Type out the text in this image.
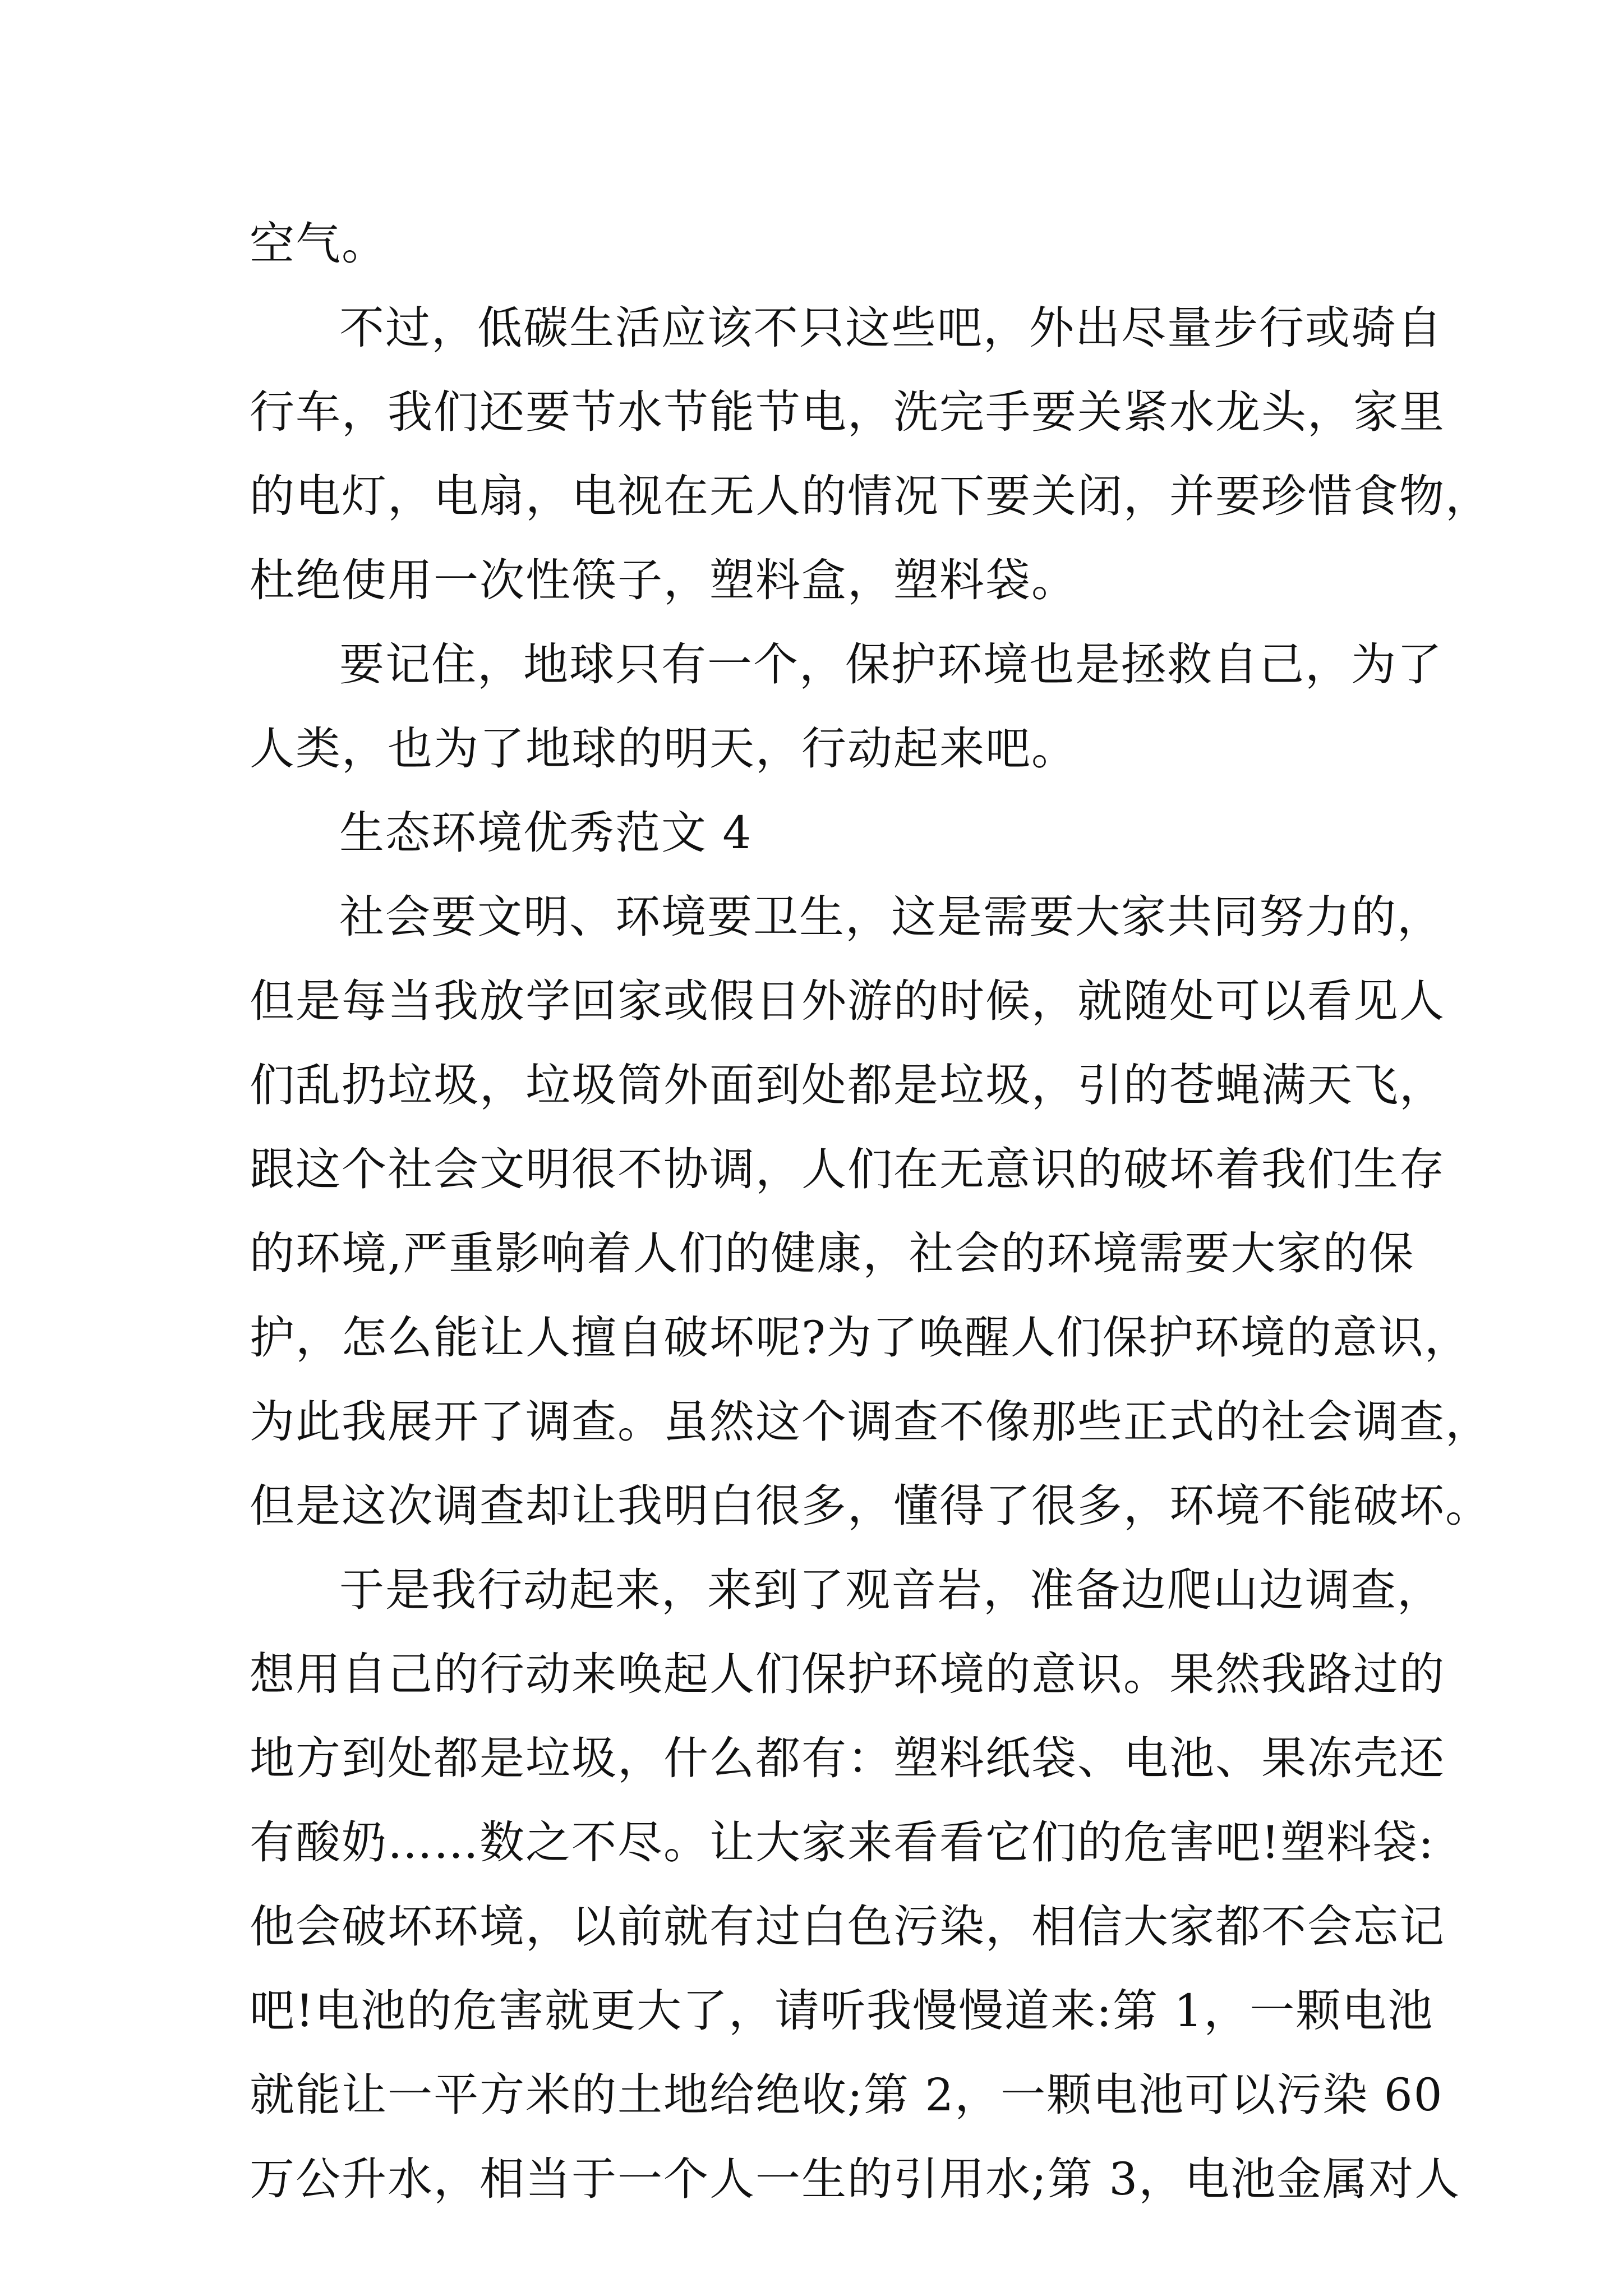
空气。
不过，低碳生活应该不只这些吧，外出尽量步行或骑自
行车，我们还要节水节能节电，洗完手要关紧水龙头，家里
的电灯，电扇，电视在无人的情况下要关闭，并要珍惜食物，
杜绝使用一次性筷子，塑料盒，塑料袋。
要记住，地球只有一个，保护环境也是拯救自己，为了
人类，也为了地球的明天，行动起来吧。
生态环境优秀范文 4
社会要文明、环境要卫生，这是需要大家共同努力的，
但是每当我放学回家或假日外游的时候，就随处可以看见人
们乱扔垃圾，垃圾筒外面到处都是垃圾，引的苍蝇满天飞，
跟这个社会文明很不协调，人们在无意识的破坏着我们生存
的环境,严重影响着人们的健康，社会的环境需要大家的保
护，怎么能让人擅自破坏呢?为了唤醒人们保护环境的意识，
为此我展开了调查。虽然这个调查不像那些正式的社会调查，
但是这次调查却让我明白很多，懂得了很多，环境不能破坏。
于是我行动起来，来到了观音岩，准备边爬山边调查，
想用自己的行动来唤起人们保护环境的意识。果然我路过的
地方到处都是垃圾，什么都有：塑料纸袋、电池、果冻壳还
有酸奶……数之不尽。让大家来看看它们的危害吧!塑料袋:
他会破坏环境，以前就有过白色污染，相信大家都不会忘记
吧!电池的危害就更大了，请听我慢慢道来:第 1，一颗电池
就能让一平方米的土地给绝收;第 2，一颗电池可以污染 60
万公升水，相当于一个人一生的引用水;第 3，电池金属对人
